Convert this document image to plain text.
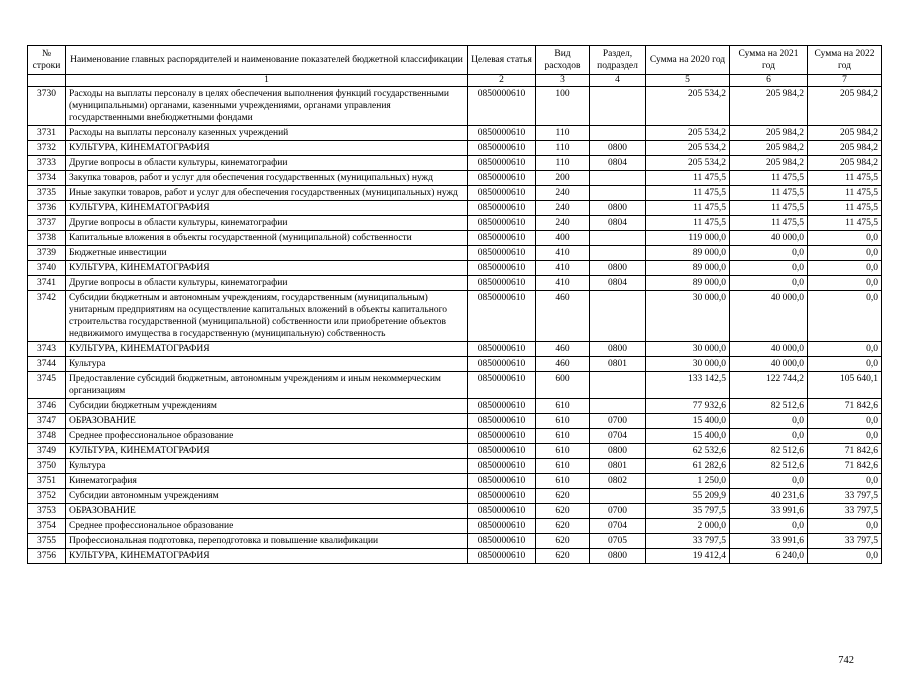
№ строки	Наименование главных распорядителей и наименование показателей бюджетной классификации	Целевая статья	Вид расходов	Раздел, подраздел	Сумма на 2020 год	Сумма на 2021 год	Сумма на 2022 год
	1	2	3	4	5	6	7
3730	Расходы на выплаты персоналу в целях обеспечения выполнения функций государственными (муниципальными) органами, казенными учреждениями, органами управления государственными внебюджетными фондами	0850000610	100		205 534,2	205 984,2	205 984,2
3731	Расходы на выплаты персоналу казенных учреждений	0850000610	110		205 534,2	205 984,2	205 984,2
3732	КУЛЬТУРА, КИНЕМАТОГРАФИЯ	0850000610	110	0800	205 534,2	205 984,2	205 984,2
3733	Другие вопросы в области культуры, кинематографии	0850000610	110	0804	205 534,2	205 984,2	205 984,2
3734	Закупка товаров, работ и услуг для обеспечения государственных (муниципальных) нужд	0850000610	200		11 475,5	11 475,5	11 475,5
3735	Иные закупки товаров, работ и услуг для обеспечения государственных (муниципальных) нужд	0850000610	240		11 475,5	11 475,5	11 475,5
3736	КУЛЬТУРА, КИНЕМАТОГРАФИЯ	0850000610	240	0800	11 475,5	11 475,5	11 475,5
3737	Другие вопросы в области культуры, кинематографии	0850000610	240	0804	11 475,5	11 475,5	11 475,5
3738	Капитальные вложения в объекты государственной (муниципальной) собственности	0850000610	400		119 000,0	40 000,0	0,0
3739	Бюджетные инвестиции	0850000610	410		89 000,0	0,0	0,0
3740	КУЛЬТУРА, КИНЕМАТОГРАФИЯ	0850000610	410	0800	89 000,0	0,0	0,0
3741	Другие вопросы в области культуры, кинематографии	0850000610	410	0804	89 000,0	0,0	0,0
3742	Субсидии бюджетным и автономным учреждениям, государственным (муниципальным) унитарным предприятиям на осуществление капитальных вложений в объекты капитального строительства государственной (муниципальной) собственности или приобретение объектов недвижимого имущества в государственную (муниципальную) собственность	0850000610	460		30 000,0	40 000,0	0,0
3743	КУЛЬТУРА, КИНЕМАТОГРАФИЯ	0850000610	460	0800	30 000,0	40 000,0	0,0
3744	Культура	0850000610	460	0801	30 000,0	40 000,0	0,0
3745	Предоставление субсидий бюджетным, автономным учреждениям и иным некоммерческим организациям	0850000610	600		133 142,5	122 744,2	105 640,1
3746	Субсидии бюджетным учреждениям	0850000610	610		77 932,6	82 512,6	71 842,6
3747	ОБРАЗОВАНИЕ	0850000610	610	0700	15 400,0	0,0	0,0
3748	Среднее профессиональное образование	0850000610	610	0704	15 400,0	0,0	0,0
3749	КУЛЬТУРА, КИНЕМАТОГРАФИЯ	0850000610	610	0800	62 532,6	82 512,6	71 842,6
3750	Культура	0850000610	610	0801	61 282,6	82 512,6	71 842,6
3751	Кинематография	0850000610	610	0802	1 250,0	0,0	0,0
3752	Субсидии автономным учреждениям	0850000610	620		55 209,9	40 231,6	33 797,5
3753	ОБРАЗОВАНИЕ	0850000610	620	0700	35 797,5	33 991,6	33 797,5
3754	Среднее профессиональное образование	0850000610	620	0704	2 000,0	0,0	0,0
3755	Профессиональная подготовка, переподготовка и повышение квалификации	0850000610	620	0705	33 797,5	33 991,6	33 797,5
3756	КУЛЬТУРА, КИНЕМАТОГРАФИЯ	0850000610	620	0800	19 412,4	6 240,0	0,0
742
